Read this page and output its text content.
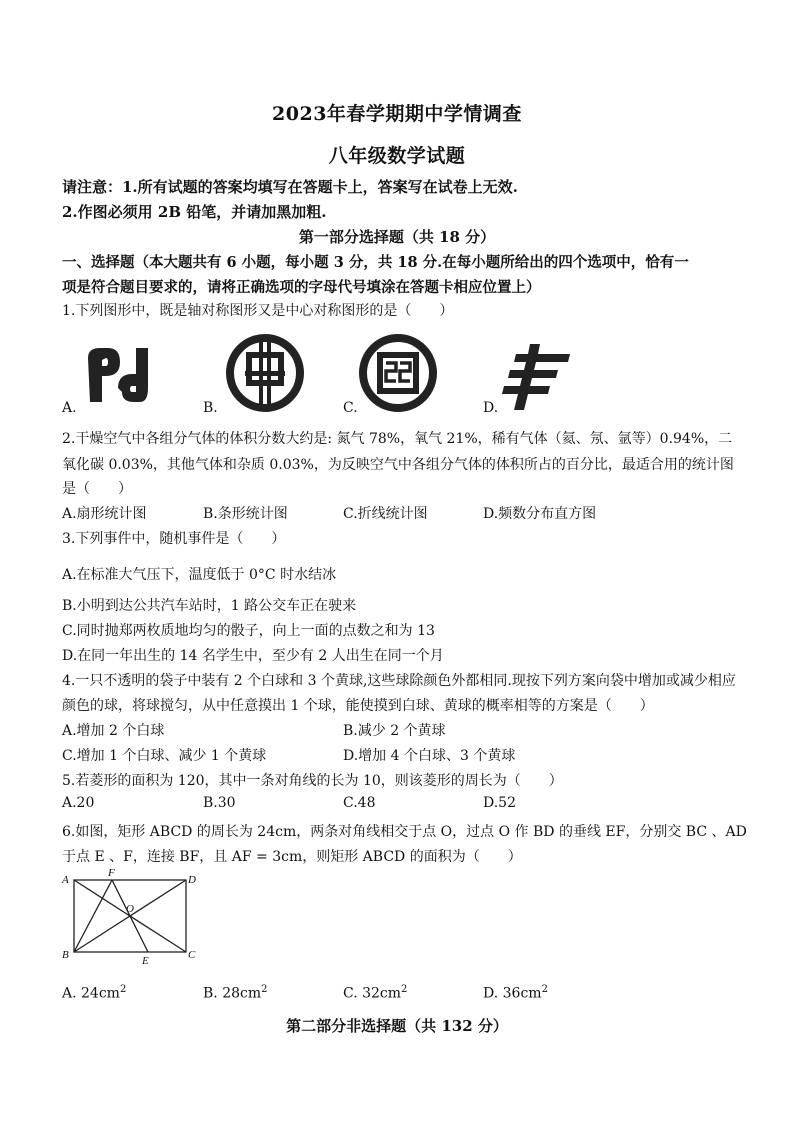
2023年春学期期中学情调查
八年级数学试题
请注意：1.所有试题的答案均填写在答题卡上，答案写在试卷上无效.
2.作图必须用 2B 铅笔，并请加黑加粗.
第一部分选择题（共 18 分）
一、选择题（本大题共有 6 小题，每小题 3 分，共 18 分.在每小题所给出的四个选项中，恰有一
项是符合题目要求的，请将正确选项的字母代号填涂在答题卡相应位置上）
1.下列图形中，既是轴对称图形又是中心对称图形的是（　　）
A.	B.	C.	D.
2.干燥空气中各组分气体的体积分数大约是: 氮气 78%，氧气 21%，稀有气体（氦、氖、氩等）0.94%，二
氧化碳 0.03%，其他气体和杂质 0.03%，为反映空气中各组分气体的体积所占的百分比，最适合用的统计图
是（　　）
A.扇形统计图	B.条形统计图	C.折线统计图	D.频数分布直方图
3.下列事件中，随机事件是（　　）
A.在标准大气压下，温度低于 0°C 时水结冰
B.小明到达公共汽车站时，1 路公交车正在驶来
C.同时抛郑两枚质地均匀的骰子，向上一面的点数之和为 13
D.在同一年出生的 14 名学生中，至少有 2 人出生在同一个月
4.一只不透明的袋子中装有 2 个白球和 3 个黄球,这些球除颜色外都相同.现按下列方案向袋中增加或减少相应
颜色的球，将球搅匀，从中任意摸出 1 个球，能使摸到白球、黄球的概率相等的方案是（　　）
A.增加 2 个白球	B.减少 2 个黄球
C.增加 1 个白球、减少 1 个黄球	D.增加 4 个白球、3 个黄球
5.若菱形的面积为 120，其中一条对角线的长为 10，则该菱形的周长为（　　）
A.20	B.30	C.48	D.52
6.如图，矩形 ABCD 的周长为 24cm，两条对角线相交于点 O，过点 O 作 BD 的垂线 EF，分别交 BC 、AD
于点 E 、F，连接 BF，且 AF = 3cm，则矩形 ABCD 的面积为（　　）
A
F
D
O
B	E	C
A. $24cm^2$	B. $28cm^2$	C. $32cm^2$	D. $36cm^2$
第二部分非选择题（共 132 分）
